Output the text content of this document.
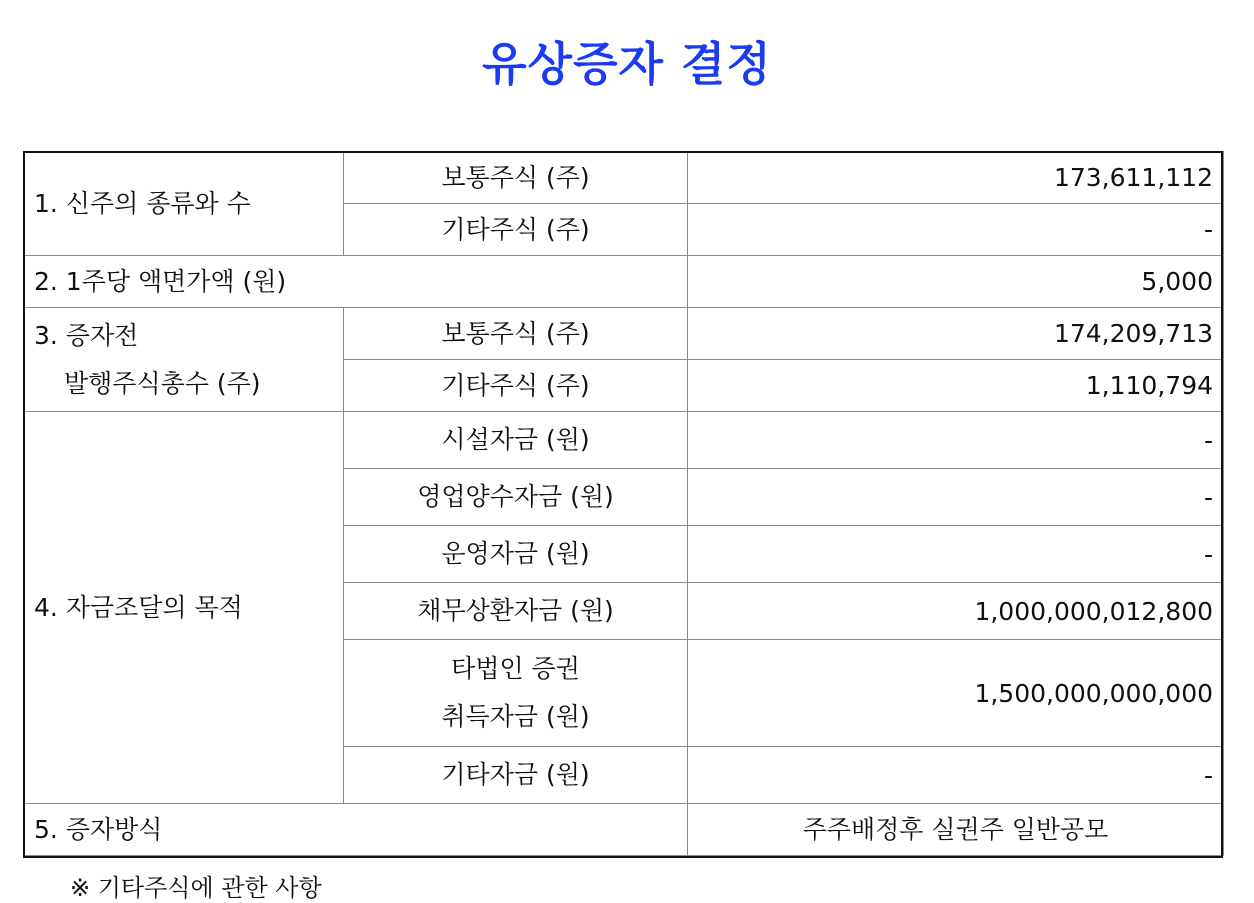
유상증자 결정
1. 신주의 종류와 수	보통주식 (주)	173,611,112
	기타주식 (주)	-
2. 1주당 액면가액 (원)		5,000

3. 증자전
발행주식총수 (주)	보통주식 (주)	174,209,713
	기타주식 (주)	1,110,794
4. 자금조달의 목적	시설자금 (원)	-
	영업양수자금 (원)	-
	운영자금 (원)	-
	채무상환자금 (원)	1,000,000,012,800

	타법인 증권
취득자금 (원)	1,500,000,000,000
	기타자금 (원)	-
5. 증자방식		주주배정후 실권주 일반공모
※ 기타주식에 관한 사항
